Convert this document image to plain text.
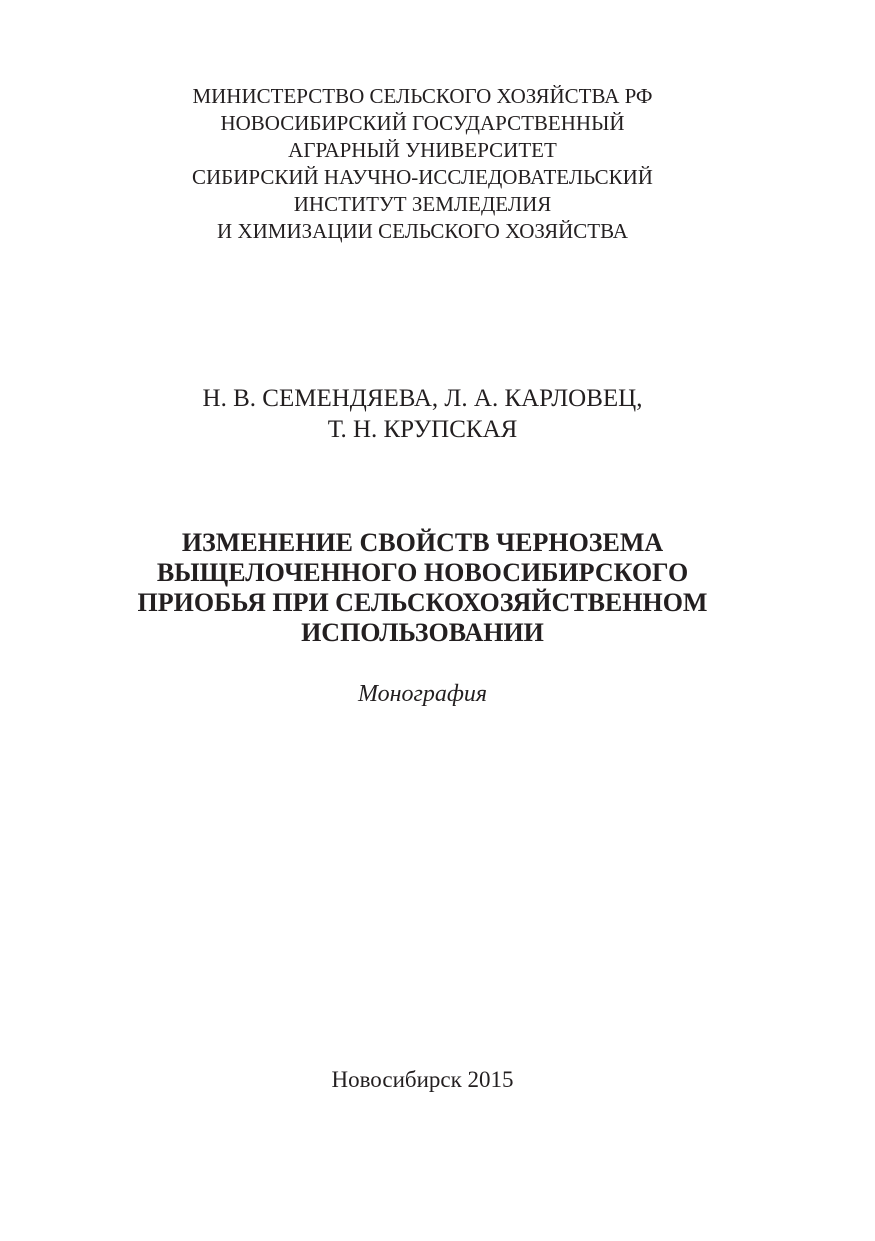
МИНИСТЕРСТВО СЕЛЬСКОГО ХОЗЯЙСТВА РФ
НОВОСИБИРСКИЙ ГОСУДАРСТВЕННЫЙ
АГРАРНЫЙ УНИВЕРСИТЕТ
СИБИРСКИЙ НАУЧНО-ИССЛЕДОВАТЕЛЬСКИЙ
ИНСТИТУТ ЗЕМЛЕДЕЛИЯ
И ХИМИЗАЦИИ СЕЛЬСКОГО ХОЗЯЙСТВА
Н. В. СЕМЕНДЯЕВА, Л. А. КАРЛОВЕЦ,
Т. Н. КРУПСКАЯ
ИЗМЕНЕНИЕ СВОЙСТВ ЧЕРНОЗЕМА
ВЫЩЕЛОЧЕННОГО НОВОСИБИРСКОГО
ПРИОБЬЯ ПРИ СЕЛЬСКОХОЗЯЙСТВЕННОМ
ИСПОЛЬЗОВАНИИ
Монография
Новосибирск 2015
